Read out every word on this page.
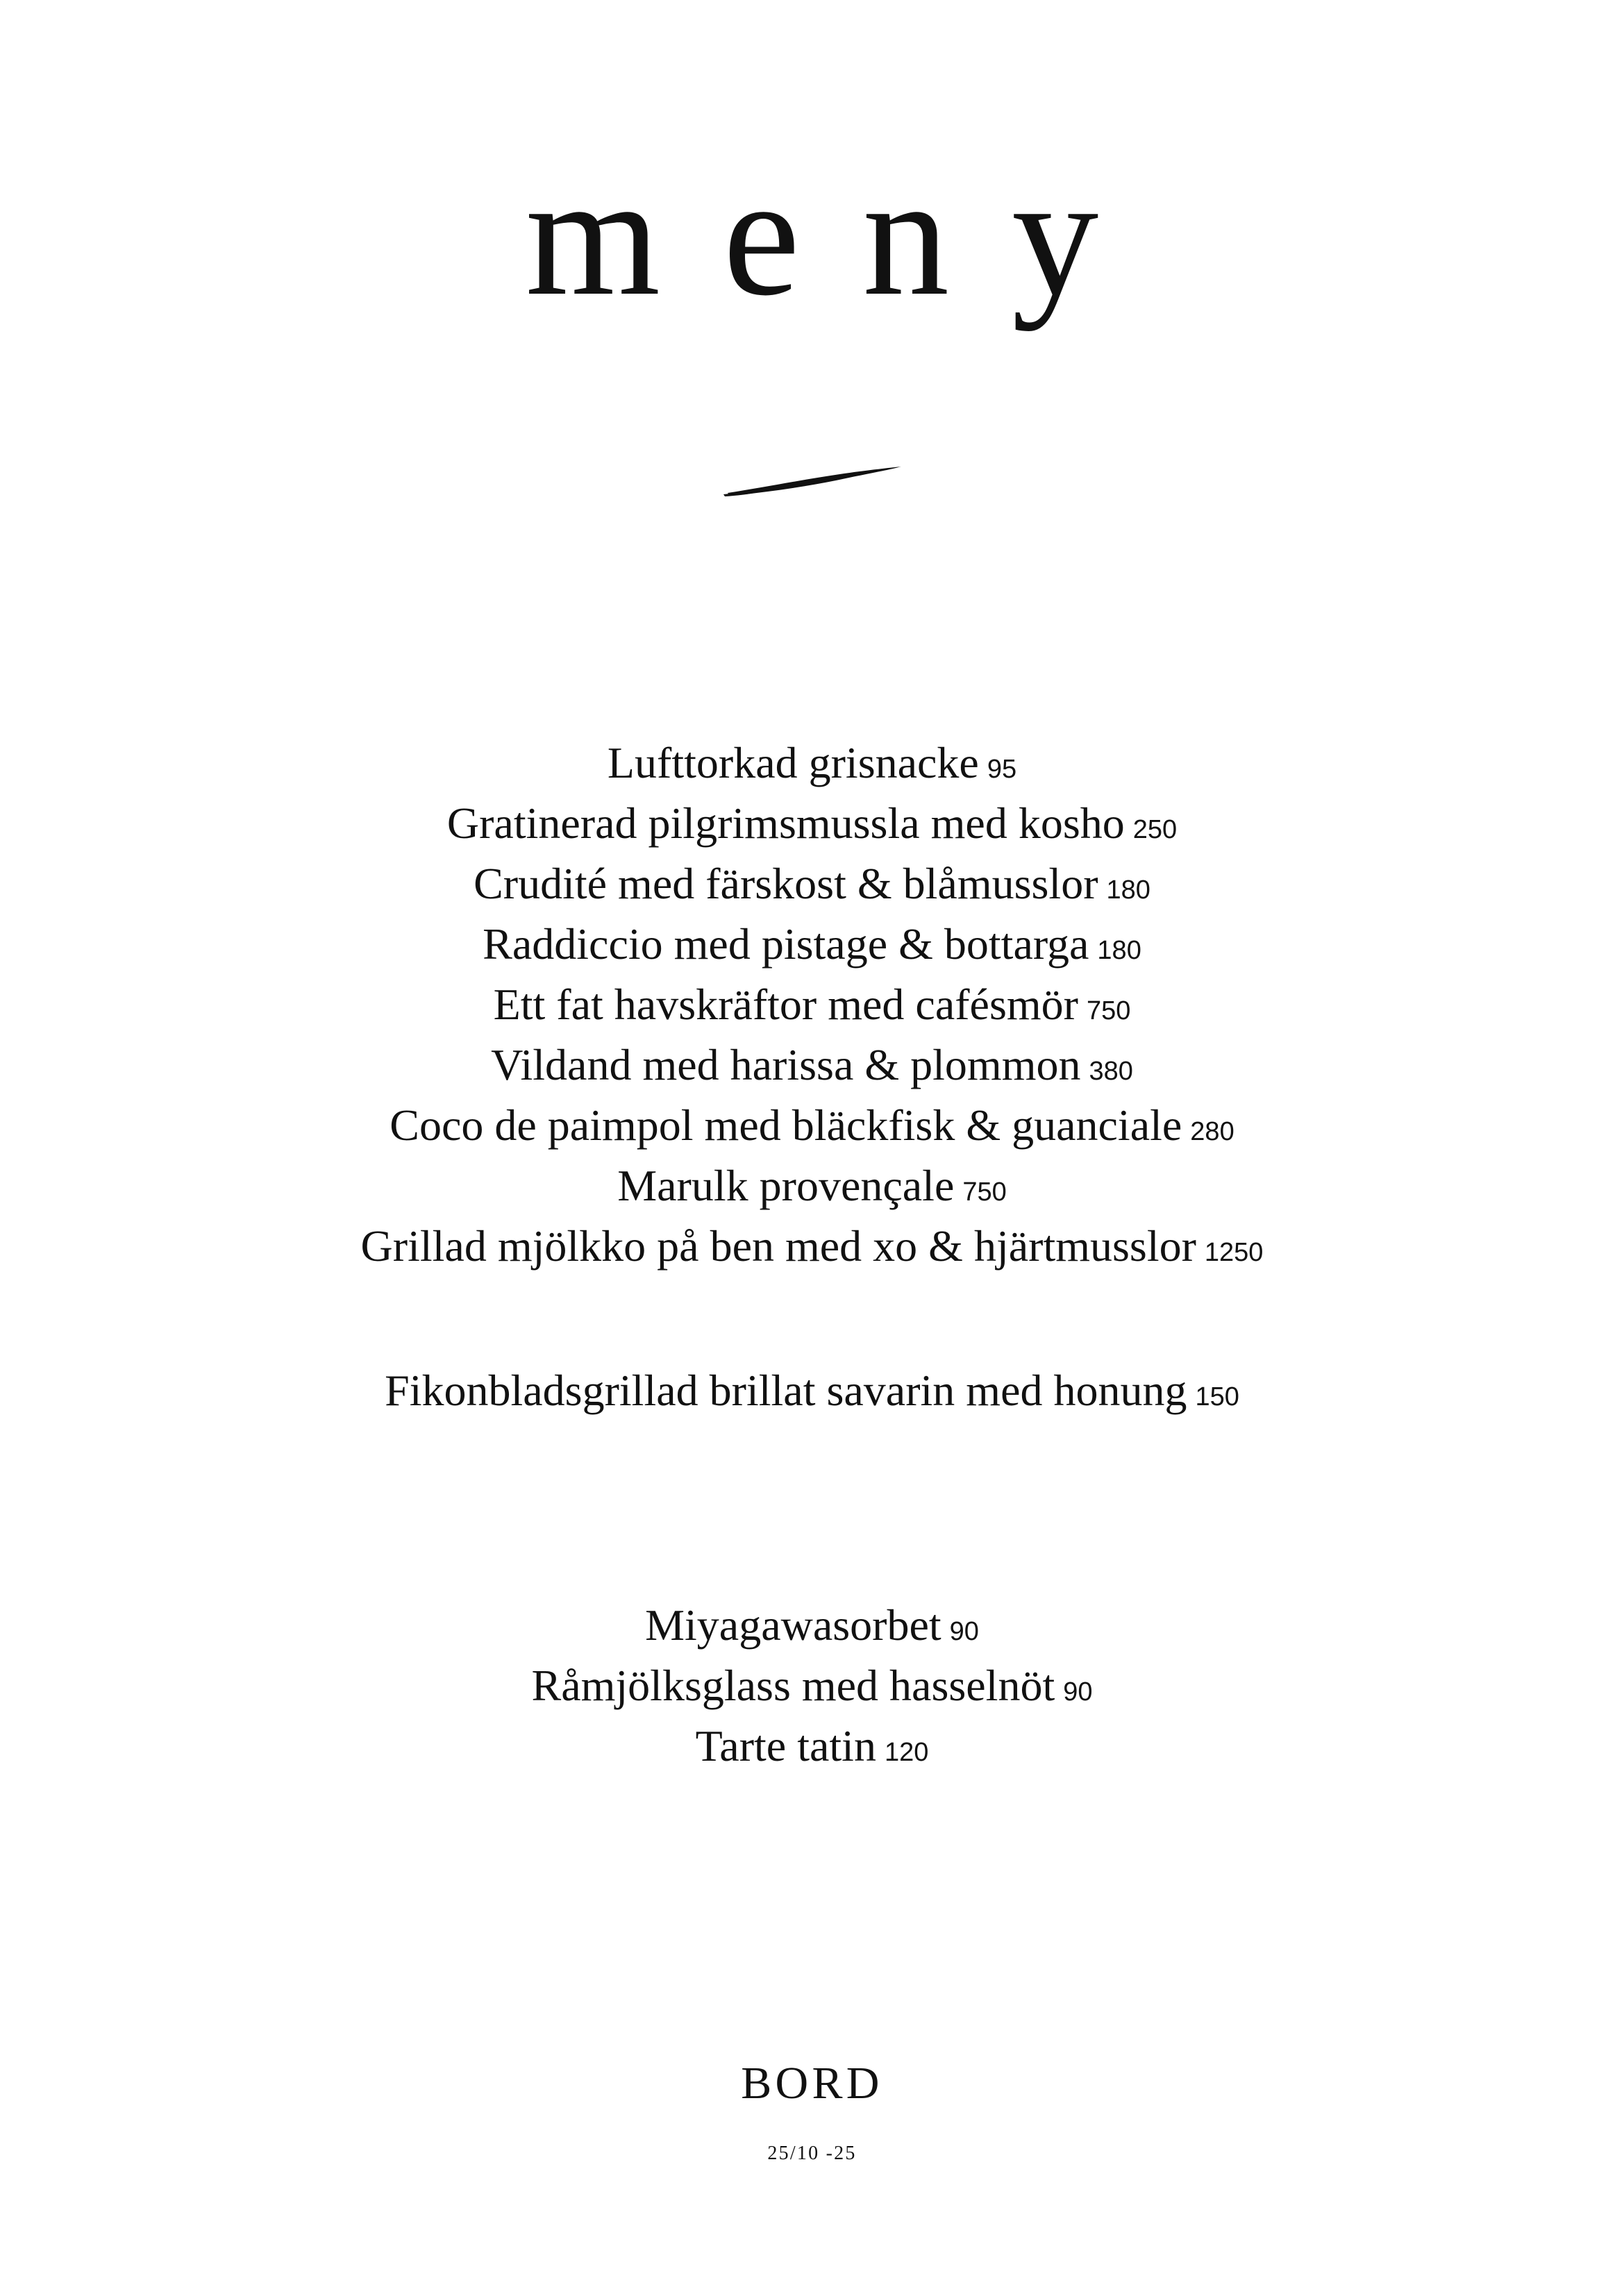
meny
Lufttorkad grisnacke 95
Gratinerad pilgrimsmussla med kosho 250
Crudité med färskost & blåmusslor 180
Raddiccio med pistage & bottarga 180
Ett fat havskräftor med cafésmör 750
Vildand med harissa & plommon 380
Coco de paimpol med bläckfisk & guanciale 280
Marulk provençale 750
Grillad mjölkko på ben med xo & hjärtmusslor 1250
Fikonbladsgrillad brillat savarin med honung 150
Miyagawasorbet 90
Råmjölksglass med hasselnöt 90
Tarte tatin 120
BORD
25/10 -25
